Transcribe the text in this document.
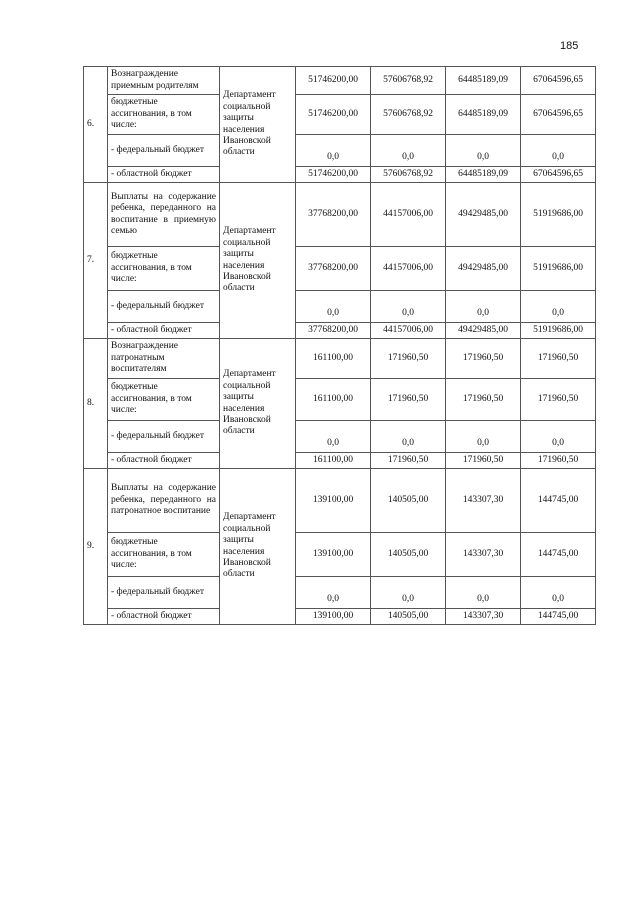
185
6.	Вознаграждение приемным родителям	Департамент социальной защиты населения Ивановской области	51746200,00	57606768,92	64485189,09	67064596,65
	бюджетные ассигнования, в том числе:		51746200,00	57606768,92	64485189,09	67064596,65
	- федеральный бюджет		0,0	0,0	0,0	0,0
	- областной бюджет		51746200,00	57606768,92	64485189,09	67064596,65
7.	Выплаты на содержание ребенка, переданного на воспитание в приемную семью	Департамент социальной защиты населения Ивановской области	37768200,00	44157006,00	49429485,00	51919686,00
	бюджетные ассигнования, в том числе:		37768200,00	44157006,00	49429485,00	51919686,00
	- федеральный бюджет		0,0	0,0	0,0	0,0
	- областной бюджет		37768200,00	44157006,00	49429485,00	51919686,00
8.	Вознаграждение патронатным воспитателям	Департамент социальной защиты населения Ивановской области	161100,00	171960,50	171960,50	171960,50
	бюджетные ассигнования, в том числе:		161100,00	171960,50	171960,50	171960,50
	- федеральный бюджет		0,0	0,0	0,0	0,0
	- областной бюджет		161100,00	171960,50	171960,50	171960,50
9.	Выплаты на содержание ребенка, переданного на патронатное воспитание	Департамент социальной защиты населения Ивановской области	139100,00	140505,00	143307,30	144745,00
	бюджетные ассигнования, в том числе:		139100,00	140505,00	143307,30	144745,00
	- федеральный бюджет		0,0	0,0	0,0	0,0
	- областной бюджет		139100,00	140505,00	143307,30	144745,00
